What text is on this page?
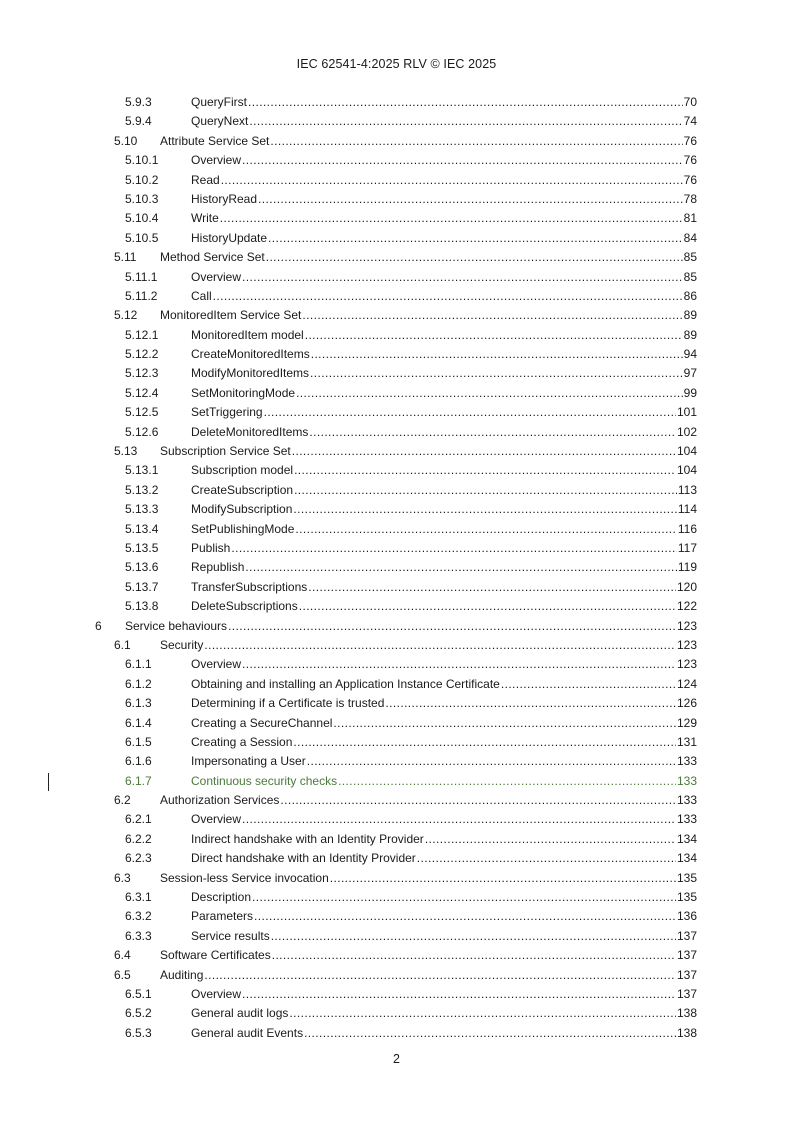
IEC 62541-4:2025 RLV © IEC 2025
5.9.3	QueryFirst .....	70
5.9.4	QueryNext .....	74
5.10 Attribute Service Set .....	76
5.10.1	Overview .....	76
5.10.2	Read .....	76
5.10.3	HistoryRead .....	78
5.10.4	Write .....	81
5.10.5	HistoryUpdate .....	84
5.11 Method Service Set .....	85
5.11.1	Overview .....	85
5.11.2	Call .....	86
5.12 MonitoredItem Service Set .....	89
5.12.1	MonitoredItem model .....	89
5.12.2	CreateMonitoredItems .....	94
5.12.3	ModifyMonitoredItems .....	97
5.12.4	SetMonitoringMode .....	99
5.12.5	SetTriggering .....	101
5.12.6	DeleteMonitoredItems .....	102
5.13 Subscription Service Set .....	104
5.13.1	Subscription model .....	104
5.13.2	CreateSubscription .....	113
5.13.3	ModifySubscription .....	114
5.13.4	SetPublishingMode .....	116
5.13.5	Publish .....	117
5.13.6	Republish .....	119
5.13.7	TransferSubscriptions .....	120
5.13.8	DeleteSubscriptions .....	122
6 Service behaviours .....	123
6.1 Security .....	123
6.1.1	Overview .....	123
6.1.2	Obtaining and installing an Application Instance Certificate .....	124
6.1.3	Determining if a Certificate is trusted .....	126
6.1.4	Creating a SecureChannel .....	129
6.1.5	Creating a Session .....	131
6.1.6	Impersonating a User .....	133
6.1.7	Continuous security checks .....	133
6.2 Authorization Services .....	133
6.2.1	Overview .....	133
6.2.2	Indirect handshake with an Identity Provider .....	134
6.2.3	Direct handshake with an Identity Provider .....	134
6.3 Session-less Service invocation .....	135
6.3.1	Description .....	135
6.3.2	Parameters .....	136
6.3.3	Service results .....	137
6.4 Software Certificates .....	137
6.5 Auditing .....	137
6.5.1	Overview .....	137
6.5.2	General audit logs .....	138
6.5.3	General audit Events .....	138
2
